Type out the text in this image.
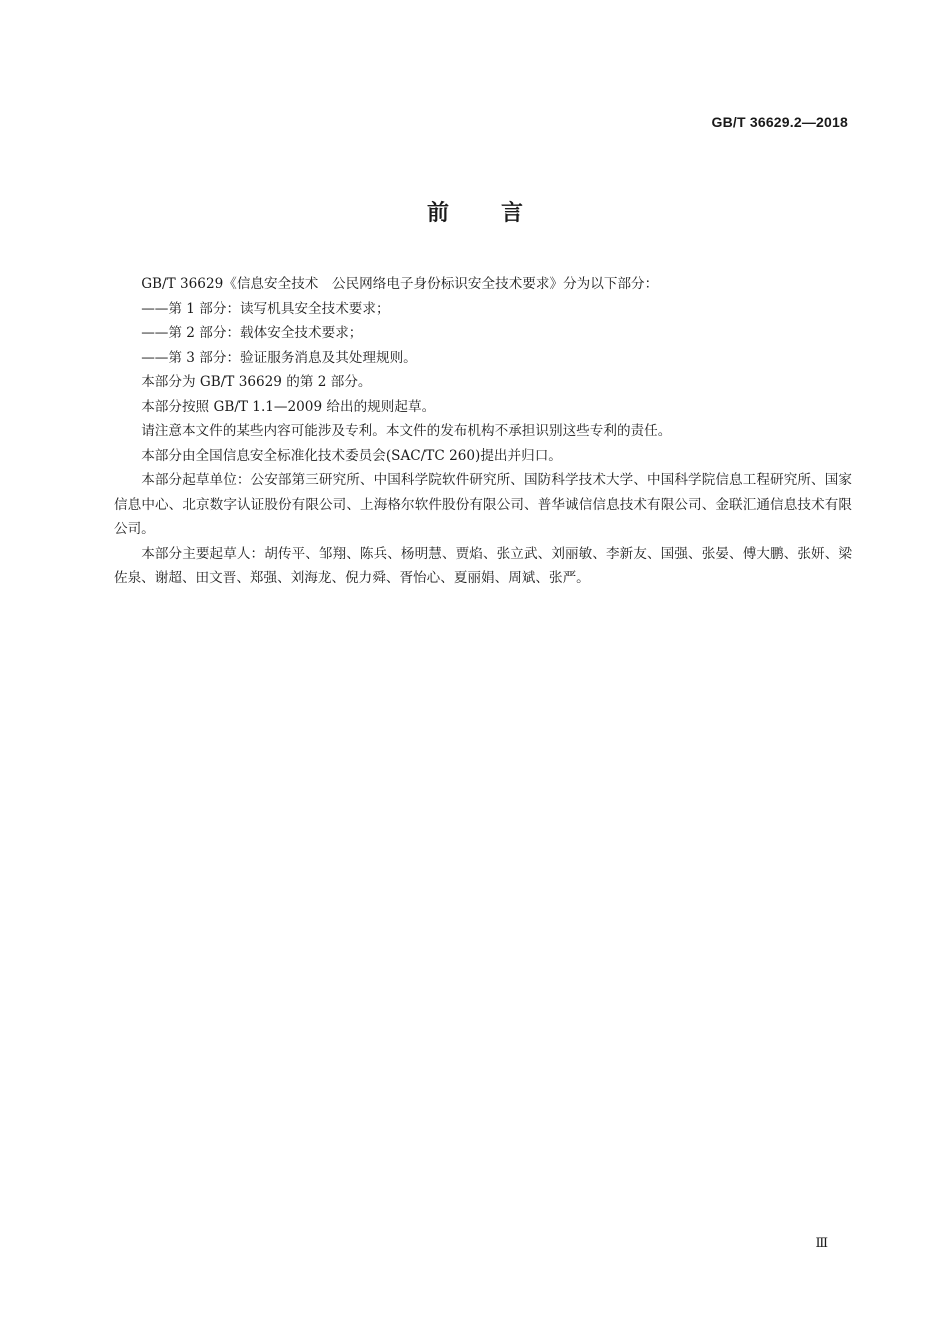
GB/T 36629.2—2018
前言

GB/T 36629《信息安全技术　公民网络电子身份标识安全技术要求》分为以下部分：

——第 1 部分：读写机具安全技术要求；

——第 2 部分：载体安全技术要求；

——第 3 部分：验证服务消息及其处理规则。

本部分为 GB/T 36629 的第 2 部分。

本部分按照 GB/T 1.1—2009 给出的规则起草。

请注意本文件的某些内容可能涉及专利。本文件的发布机构不承担识别这些专利的责任。

本部分由全国信息安全标准化技术委员会(SAC/TC 260)提出并归口。

本部分起草单位：公安部第三研究所、中国科学院软件研究所、国防科学技术大学、中国科学院信息工程研究所、国家信息中心、北京数字认证股份有限公司、上海格尔软件股份有限公司、普华诚信信息技术有限公司、金联汇通信息技术有限公司。

本部分主要起草人：胡传平、邹翔、陈兵、杨明慧、贾焰、张立武、刘丽敏、李新友、国强、张晏、傅大鹏、张妍、梁佐泉、谢超、田文晋、郑强、刘海龙、倪力舜、胥怡心、夏丽娟、周斌、张严。

Ⅲ
